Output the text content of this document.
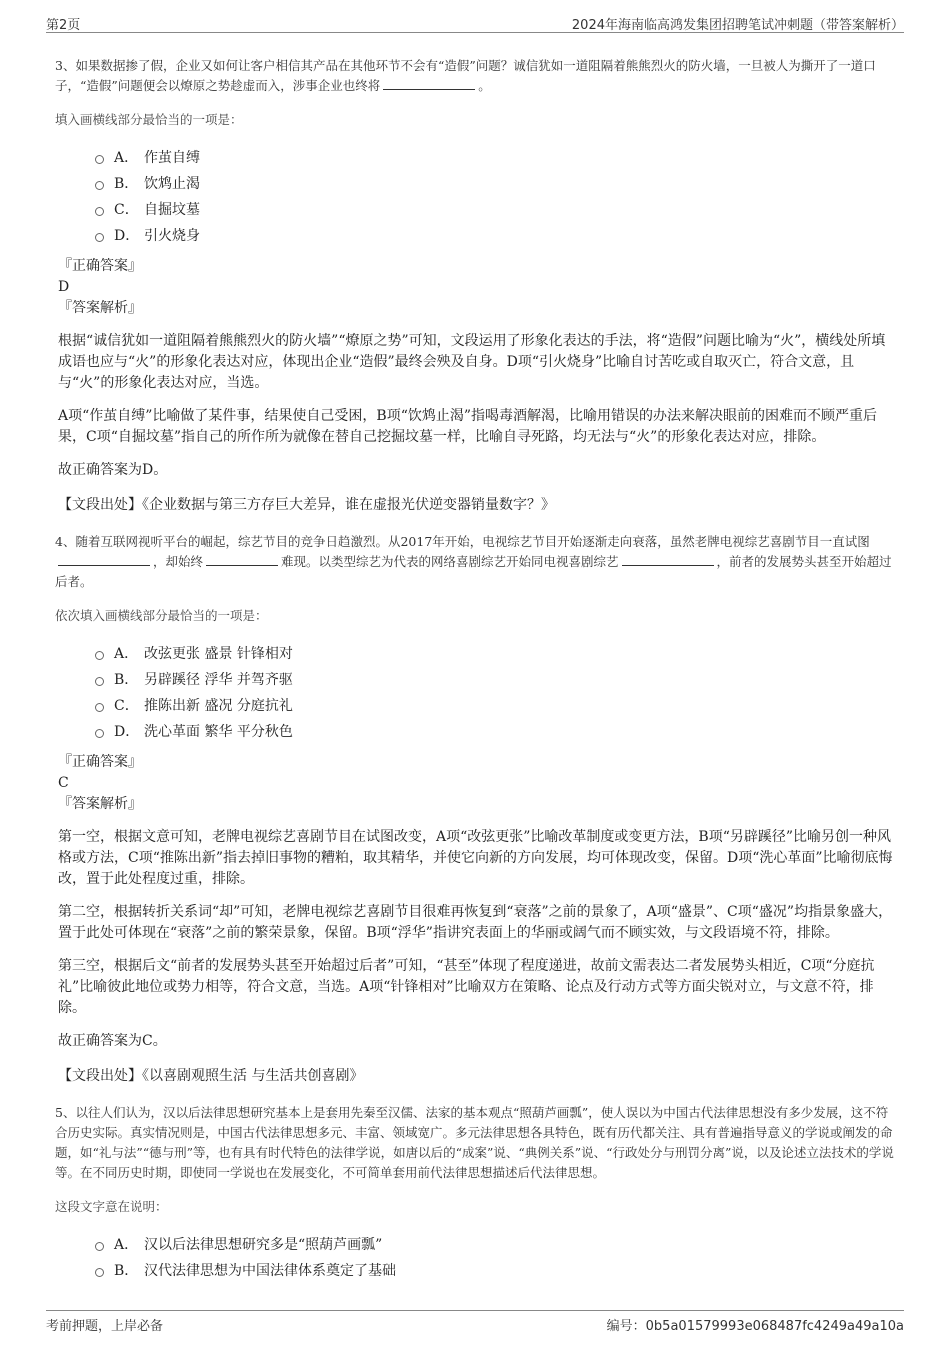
第2页	2024年海南临高鸿发集团招聘笔试冲刺题（带答案解析）

3、如果数据掺了假，企业又如何让客户相信其产品在其他环节不会有“造假”问题？诚信犹如一道阻隔着熊熊烈火的防火墙，一旦被人为撕开了一道口子，“造假”问题便会以燎原之势趁虚而入，涉事企业也终将	。

填入画横线部分最恰当的一项是：

A． 作茧自缚
B． 饮鸩止渴
C． 自掘坟墓
D． 引火烧身
『正确答案』
D
『答案解析』

根据“诚信犹如一道阻隔着熊熊烈火的防火墙”“燎原之势”可知，文段运用了形象化表达的手法，将“造假”问题比喻为“火”，横线处所填成语也应与“火”的形象化表达对应，体现出企业“造假”最终会殃及自身。D项“引火烧身”比喻自讨苦吃或自取灭亡，符合文意，且与“火”的形象化表达对应，当选。

A项“作茧自缚”比喻做了某件事，结果使自己受困，B项“饮鸩止渴”指喝毒酒解渴，比喻用错误的办法来解决眼前的困难而不顾严重后果，C项“自掘坟墓”指自己的所作所为就像在替自己挖掘坟墓一样，比喻自寻死路，均无法与“火”的形象化表达对应，排除。

故正确答案为D。

【文段出处】《企业数据与第三方存巨大差异，谁在虚报光伏逆变器销量数字？》

4、随着互联网视听平台的崛起，综艺节目的竞争日趋激烈。从2017年开始，电视综艺节目开始逐渐走向衰落，虽然老牌电视综艺喜剧节目一直试图，却始终	难现。以类型综艺为代表的网络喜剧综艺开始同电视喜剧综艺	，前者的发展势头甚至开始超过后者。

依次填入画横线部分最恰当的一项是：

A． 改弦更张 盛景 针锋相对
B． 另辟蹊径 浮华 并驾齐驱
C． 推陈出新 盛况 分庭抗礼
D． 洗心革面 繁华 平分秋色
『正确答案』
C
『答案解析』

第一空，根据文意可知，老牌电视综艺喜剧节目在试图改变，A项“改弦更张”比喻改革制度或变更方法，B项“另辟蹊径”比喻另创一种风格或方法，C项“推陈出新”指去掉旧事物的糟粕，取其精华，并使它向新的方向发展，均可体现改变，保留。D项“洗心革面”比喻彻底悔改，置于此处程度过重，排除。

第二空，根据转折关系词“却”可知，老牌电视综艺喜剧节目很难再恢复到“衰落”之前的景象了，A项“盛景”、C项“盛况”均指景象盛大，置于此处可体现在“衰落”之前的繁荣景象，保留。B项“浮华”指讲究表面上的华丽或阔气而不顾实效，与文段语境不符，排除。

第三空，根据后文“前者的发展势头甚至开始超过后者”可知，“甚至”体现了程度递进，故前文需表达二者发展势头相近，C项“分庭抗礼”比喻彼此地位或势力相等，符合文意，当选。A项“针锋相对”比喻双方在策略、论点及行动方式等方面尖锐对立，与文意不符，排除。

故正确答案为C。

【文段出处】《以喜剧观照生活 与生活共创喜剧》

5、以往人们认为，汉以后法律思想研究基本上是套用先秦至汉儒、法家的基本观点“照葫芦画瓢”，使人误以为中国古代法律思想没有多少发展，这不符合历史实际。真实情况则是，中国古代法律思想多元、丰富、领域宽广。多元法律思想各具特色，既有历代都关注、具有普遍指导意义的学说或阐发的命题，如“礼与法”“德与刑”等，也有具有时代特色的法律学说，如唐以后的“成案”说、“典例关系”说、“行政处分与刑罚分离”说，以及论述立法技术的学说等。在不同历史时期，即使同一学说也在发展变化，不可简单套用前代法律思想描述后代法律思想。

这段文字意在说明：

A． 汉以后法律思想研究多是“照葫芦画瓢”
B． 汉代法律思想为中国法律体系奠定了基础
考前押题，上岸必备	编号：0b5a01579993e068487fc4249a49a10a
